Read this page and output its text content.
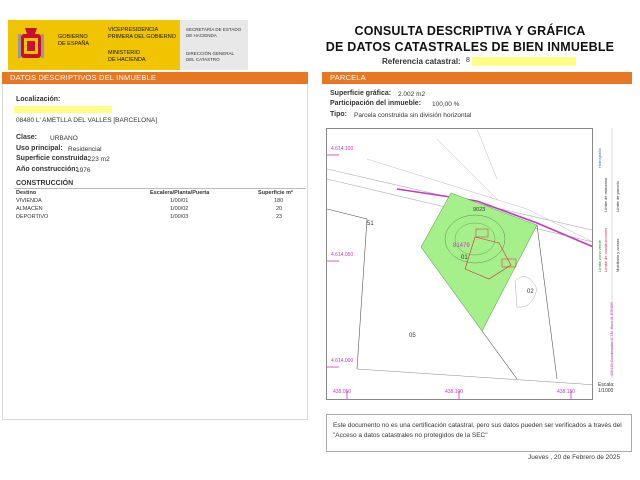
GOBIERNO
DE ESPAÑA
VICEPRESIDENCIA
PRIMERA DEL GOBIERNO
MINISTERIO
DE HACIENDA
SECRETARÍA DE ESTADO
DE HACIENDA
DIRECCIÓN GENERAL
DEL CATASTRO
CONSULTA DESCRIPTIVA Y GRÁFICA
DE DATOS CATASTRALES DE BIEN INMUEBLE
Referencia catastral: 8
DATOS DESCRIPTIVOS DEL INMUEBLE
Localización:
08480 L' AMETLLA DEL VALLES [BARCELONA]
Clase: URBANO
Uso principal: Residencial
Superficie construida:
223 m2
Año construcción:
1976
CONSTRUCCIÓN
Destino	Escalera/Planta/Puerta	Superficie m²
VIVIENDA	1/00/01	180
ALMACEN	1/00/02	20
DEPORTIVO	1/00/03	23
PARCELA
Superficie gráfica: 2.002 m2
Participación del inmueble: 100,00 %
Tipo: Parcela construida sin división horizontal
4.614.100
4.614.050
4.614.000
438.050	438.100	438.150
51
9023
81479
01
02
05
Hidrografía
Límite de manzana Límite de parcela
Límite de construcciones Mobiliario y aceras
Límite zona verde
438.150 Coordenadas U.T.M. Huso 31 ETRS89
Escala:
1/1000
Este documento no es una certificación catastral, pero sus datos pueden ser verificados a través del "Acceso a datos catastrales no protegidos de la SEC"
Jueves , 20 de Febrero de 2025
